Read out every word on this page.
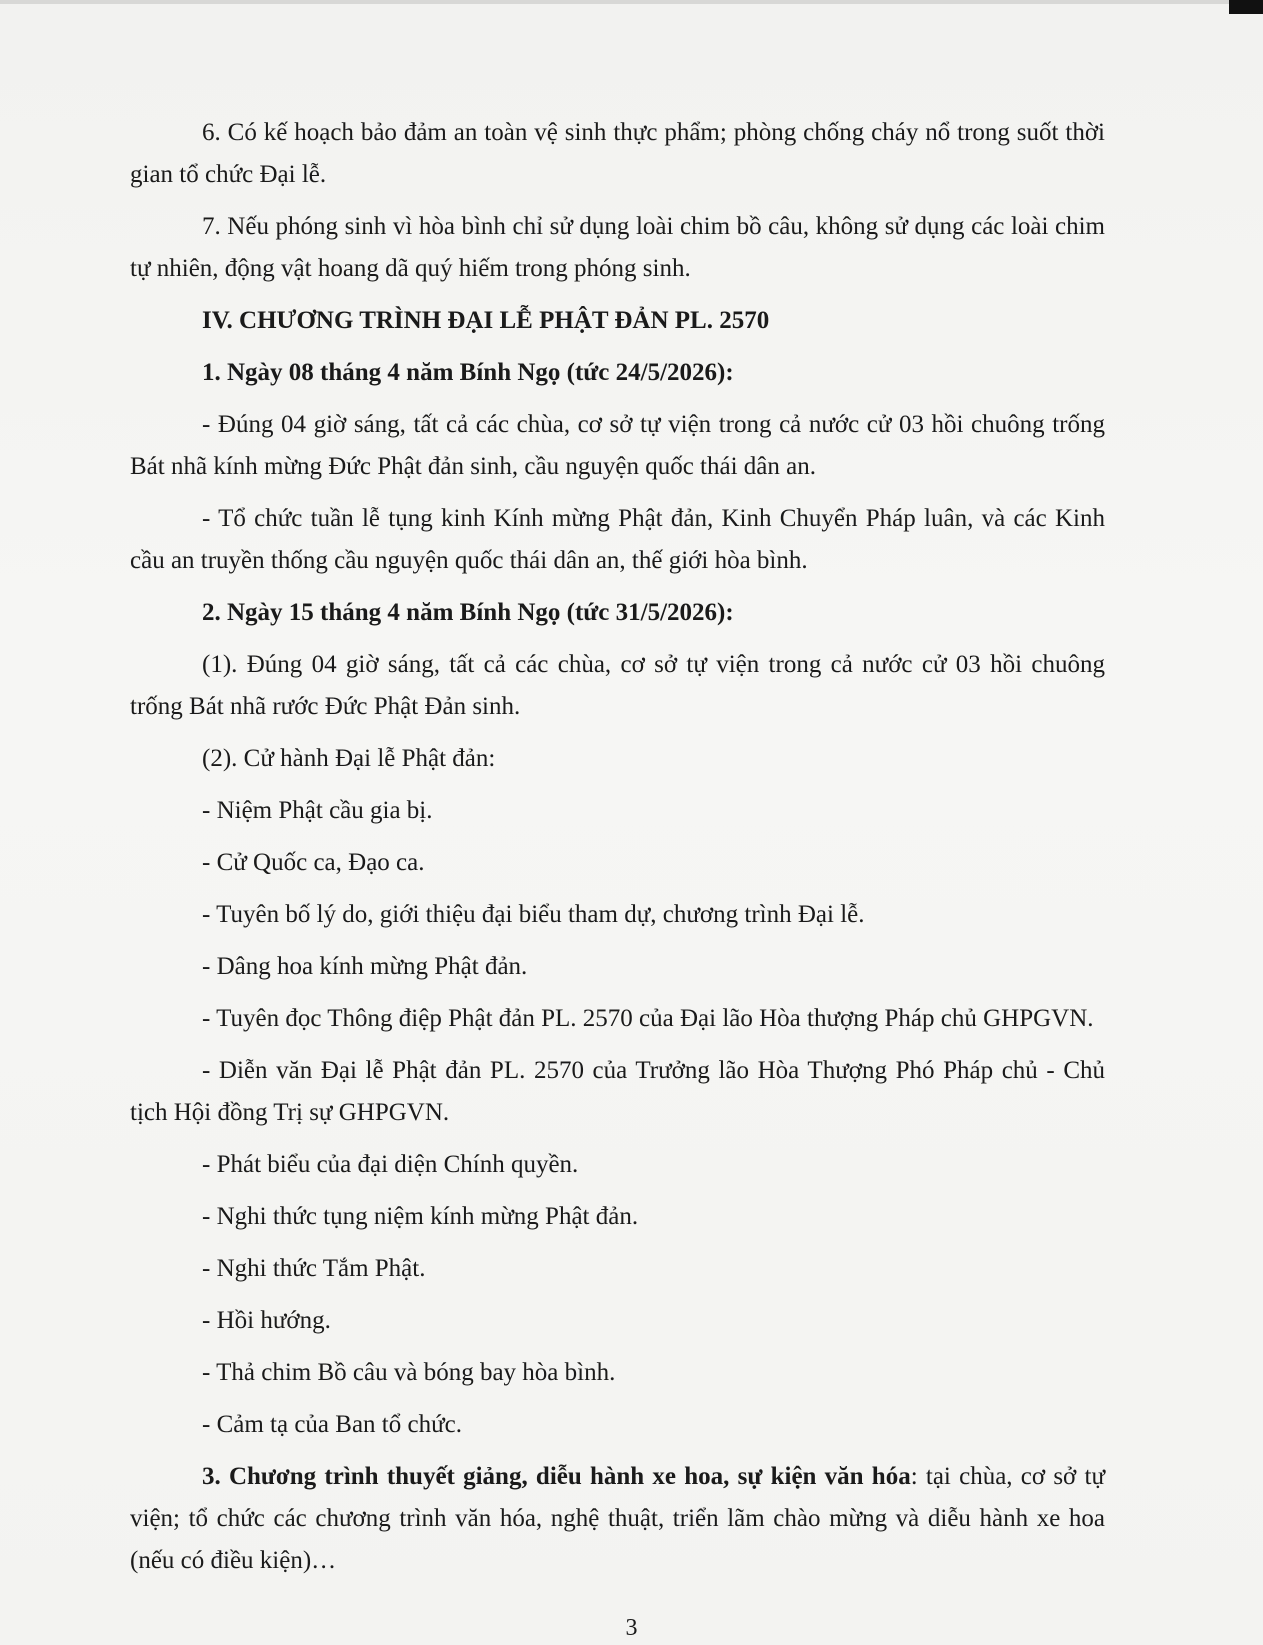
6. Có kế hoạch bảo đảm an toàn vệ sinh thực phẩm; phòng chống cháy nổ trong suốt thời gian tổ chức Đại lễ.

7. Nếu phóng sinh vì hòa bình chỉ sử dụng loài chim bồ câu, không sử dụng các loài chim tự nhiên, động vật hoang dã quý hiếm trong phóng sinh.

IV. CHƯƠNG TRÌNH ĐẠI LỄ PHẬT ĐẢN PL. 2570

1. Ngày 08 tháng 4 năm Bính Ngọ (tức 24/5/2026):

- Đúng 04 giờ sáng, tất cả các chùa, cơ sở tự viện trong cả nước cử 03 hồi chuông trống Bát nhã kính mừng Đức Phật đản sinh, cầu nguyện quốc thái dân an.

- Tổ chức tuần lễ tụng kinh Kính mừng Phật đản, Kinh Chuyển Pháp luân, và các Kinh cầu an truyền thống cầu nguyện quốc thái dân an, thế giới hòa bình.

2. Ngày 15 tháng 4 năm Bính Ngọ (tức 31/5/2026):

(1). Đúng 04 giờ sáng, tất cả các chùa, cơ sở tự viện trong cả nước cử 03 hồi chuông trống Bát nhã rước Đức Phật Đản sinh.

(2). Cử hành Đại lễ Phật đản:

- Niệm Phật cầu gia bị.

- Cử Quốc ca, Đạo ca.

- Tuyên bố lý do, giới thiệu đại biểu tham dự, chương trình Đại lễ.

- Dâng hoa kính mừng Phật đản.

- Tuyên đọc Thông điệp Phật đản PL. 2570 của Đại lão Hòa thượng Pháp chủ GHPGVN.

- Diễn văn Đại lễ Phật đản PL. 2570 của Trưởng lão Hòa Thượng Phó Pháp chủ - Chủ tịch Hội đồng Trị sự GHPGVN.

- Phát biểu của đại diện Chính quyền.

- Nghi thức tụng niệm kính mừng Phật đản.

- Nghi thức Tắm Phật.

- Hồi hướng.

- Thả chim Bồ câu và bóng bay hòa bình.

- Cảm tạ của Ban tổ chức.

3. Chương trình thuyết giảng, diễu hành xe hoa, sự kiện văn hóa: tại chùa, cơ sở tự viện; tổ chức các chương trình văn hóa, nghệ thuật, triển lãm chào mừng và diễu hành xe hoa (nếu có điều kiện)…

3
